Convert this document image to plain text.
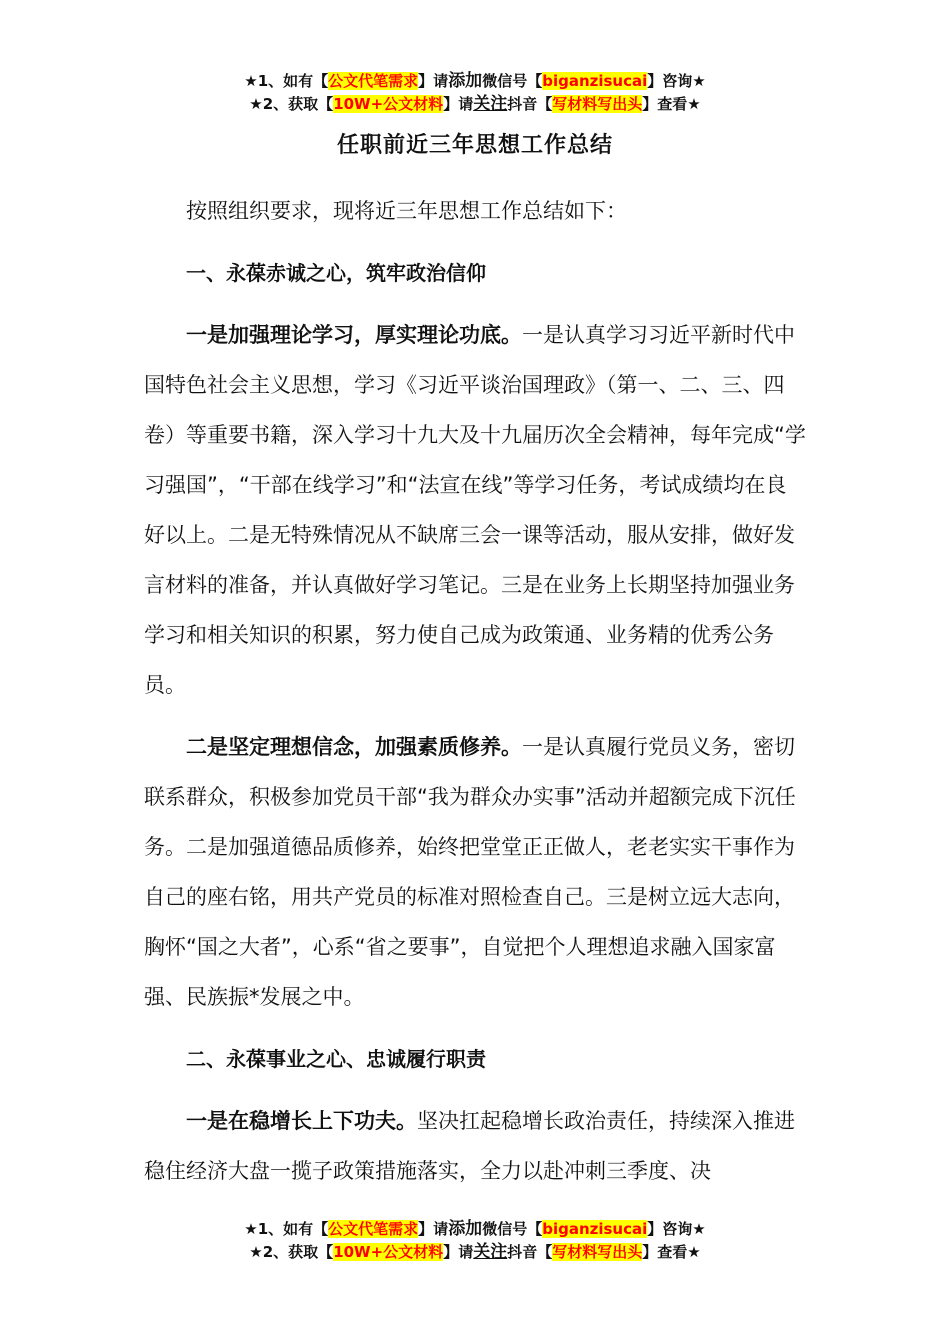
★1、如有【公文代笔需求】请添加微信号【biganzisucai】咨询★
★2、获取【10W+公文材料】请关注抖音【写材料写出头】查看★
任职前近三年思想工作总结

按照组织要求，现将近三年思想工作总结如下：

一、永葆赤诚之心，筑牢政治信仰

一是加强理论学习，厚实理论功底。一是认真学习习近平新时代中国特色社会主义思想，学习《习近平谈治国理政》（第一、二、三、四卷）等重要书籍，深入学习十九大及十九届历次全会精神，每年完成“学习强国”，“干部在线学习”和“法宣在线”等学习任务，考试成绩均在良好以上。二是无特殊情况从不缺席三会一课等活动，服从安排，做好发言材料的准备，并认真做好学习笔记。三是在业务上长期坚持加强业务学习和相关知识的积累，努力使自己成为政策通、业务精的优秀公务员。

二是坚定理想信念，加强素质修养。一是认真履行党员义务，密切联系群众，积极参加党员干部“我为群众办实事”活动并超额完成下沉任务。二是加强道德品质修养，始终把堂堂正正做人，老老实实干事作为自己的座右铭，用共产党员的标准对照检查自己。三是树立远大志向，胸怀“国之大者”，心系“省之要事”，自觉把个人理想追求融入国家富强、民族振*发展之中。

二、永葆事业之心、忠诚履行职责

一是在稳增长上下功夫。坚决扛起稳增长政治责任，持续深入推进稳住经济大盘一揽子政策措施落实，全力以赴冲刺三季度、决

★1、如有【公文代笔需求】请添加微信号【biganzisucai】咨询★
★2、获取【10W+公文材料】请关注抖音【写材料写出头】查看★
